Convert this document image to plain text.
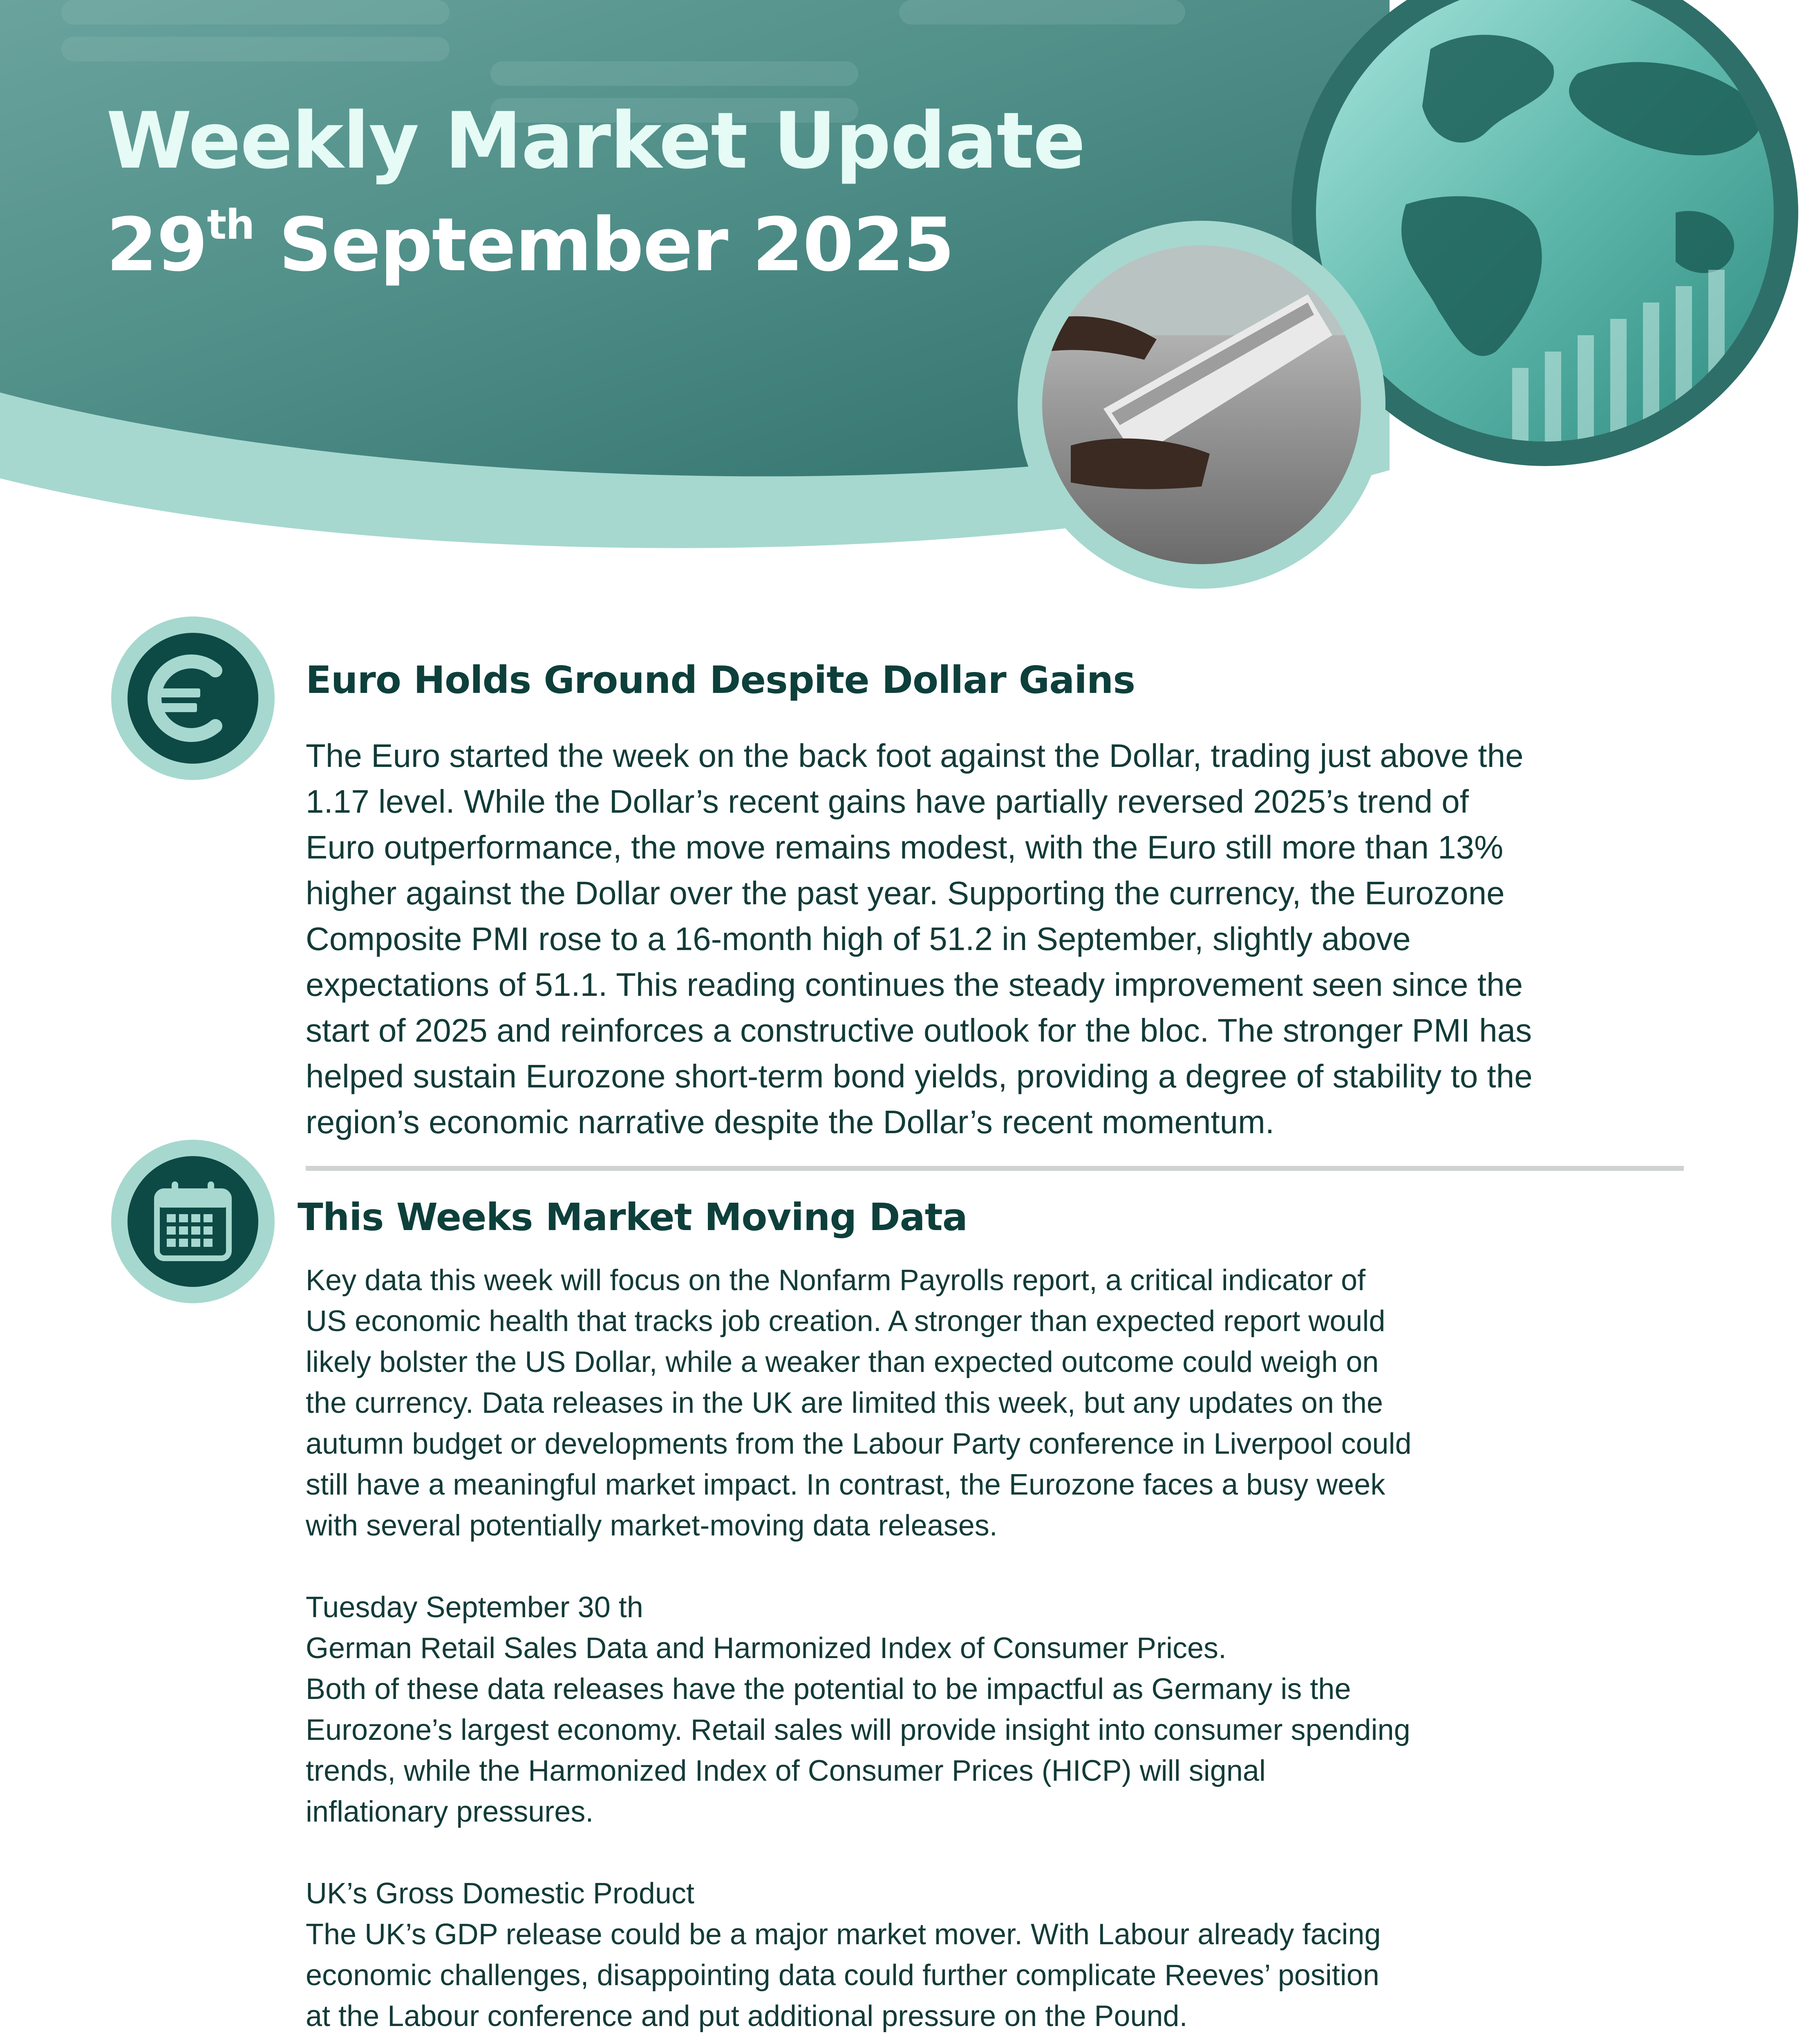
Weekly Market Update
29th September 2025
Euro Holds Ground Despite Dollar Gains
The Euro started the week on the back foot against the Dollar, trading just above the
1.17 level. While the Dollar’s recent gains have partially reversed 2025’s trend of
Euro outperformance, the move remains modest, with the Euro still more than 13%
higher against the Dollar over the past year. Supporting the currency, the Eurozone
Composite PMI rose to a 16-month high of 51.2 in September, slightly above
expectations of 51.1. This reading continues the steady improvement seen since the
start of 2025 and reinforces a constructive outlook for the bloc. The stronger PMI has
helped sustain Eurozone short-term bond yields, providing a degree of stability to the
region’s economic narrative despite the Dollar’s recent momentum.
This Weeks Market Moving Data
Key data this week will focus on the Nonfarm Payrolls report, a critical indicator of
US economic health that tracks job creation. A stronger than expected report would
likely bolster the US Dollar, while a weaker than expected outcome could weigh on
the currency. Data releases in the UK are limited this week, but any updates on the
autumn budget or developments from the Labour Party conference in Liverpool could
still have a meaningful market impact. In contrast, the Eurozone faces a busy week
with several potentially market-moving data releases.
Tuesday September 30 th
German Retail Sales Data and Harmonized Index of Consumer Prices.
Both of these data releases have the potential to be impactful as Germany is the
Eurozone’s largest economy. Retail sales will provide insight into consumer spending
trends, while the Harmonized Index of Consumer Prices (HICP) will signal
inflationary pressures.
UK’s Gross Domestic Product
The UK’s GDP release could be a major market mover. With Labour already facing
economic challenges, disappointing data could further complicate Reeves’ position
at the Labour conference and put additional pressure on the Pound.
